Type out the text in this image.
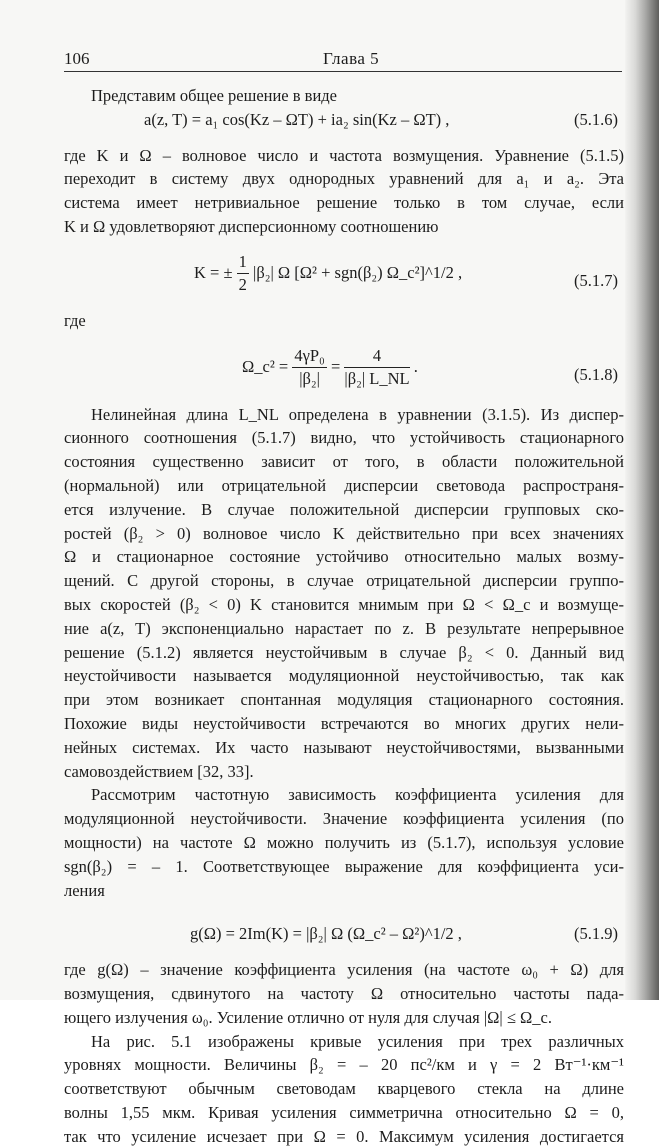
106	Глава 5
Представим общее решение в виде
a(z, T) = a₁ cos(Kz – ΩT) + ia₂ sin(Kz – ΩT) ,	(5.1.6)
где K и Ω – волновое число и частота возмущения. Уравнение (5.1.5)
переходит в систему двух однородных уравнений для a₁ и a₂. Эта
система имеет нетривиальное решение только в том случае, если
K и Ω удовлетворяют дисперсионному соотношению
K = ± $\frac{1}{2} |\beta_2|$ Ω [Ω² + sgn(β₂) Ω_c²]^1/2 ,	(5.1.7)
где
Ω_c² = $\frac{\text{4γP₀}}{\text{|β₂|}} = \frac{4}{\text{|β₂| L\_NL}}$ .	(5.1.8)
Нелинейная длина L_NL определена в уравнении (3.1.5). Из диспер-
сионного соотношения (5.1.7) видно, что устойчивость стационарного
состояния существенно зависит от того, в области положительной
(нормальной) или отрицательной дисперсии световода распространя-
ется излучение. В случае положительной дисперсии групповых ско-
ростей (β₂ > 0) волновое число K действительно при всех значениях
Ω и стационарное состояние устойчиво относительно малых возму-
щений. С другой стороны, в случае отрицательной дисперсии группо-
вых скоростей (β₂ < 0) K становится мнимым при Ω < Ω_c и возмуще-
ние a(z, T) экспоненциально нарастает по z. В результате непрерывное
решение (5.1.2) является неустойчивым в случае β₂ < 0. Данный вид
неустойчивости называется модуляционной неустойчивостью, так как
при этом возникает спонтанная модуляция стационарного состояния.
Похожие виды неустойчивости встречаются во многих других нели-
нейных системах. Их часто называют неустойчивостями, вызванными
самовоздействием [32, 33].
Рассмотрим частотную зависимость коэффициента усиления для
модуляционной неустойчивости. Значение коэффициента усиления (по
мощности) на частоте Ω можно получить из (5.1.7), используя условие
sgn(β₂) = – 1. Соответствующее выражение для коэффициента уси-
ления
g(Ω) = 2Im(K) = |β₂| Ω (Ω_c² – Ω²)^1/2 ,	(5.1.9)
где g(Ω) – значение коэффициента усиления (на частоте ω₀ + Ω) для
возмущения, сдвинутого на частоту Ω относительно частоты пада-
ющего излучения ω₀. Усиление отлично от нуля для случая |Ω| ≤ Ω_c.
На рис. 5.1 изображены кривые усиления при трех различных
уровнях мощности. Величины β₂ = – 20 пс²/км и γ = 2 Вт⁻¹·км⁻¹
соответствуют обычным световодам кварцевого стекла на длине
волны 1,55 мкм. Кривая усиления симметрична относительно Ω = 0,
так что усиление исчезает при Ω = 0. Максимум усиления достигается
